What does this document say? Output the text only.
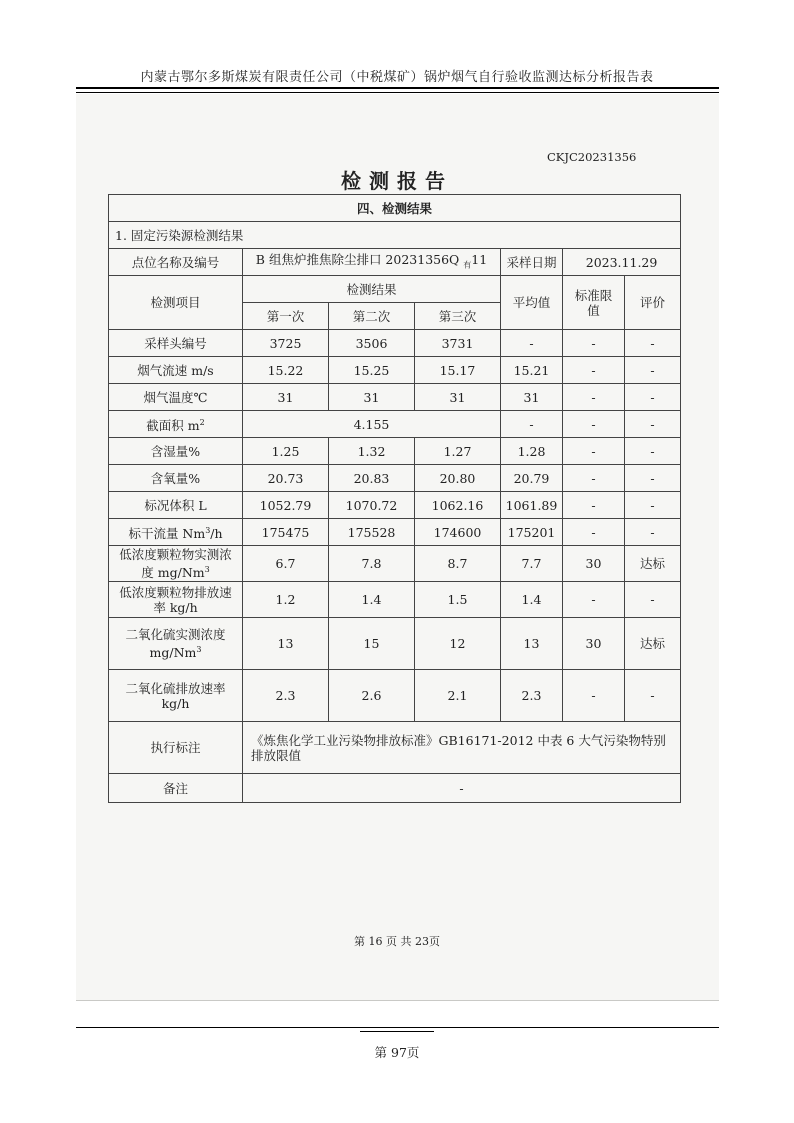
内蒙古鄂尔多斯煤炭有限责任公司（中税煤矿）锅炉烟气自行验收监测达标分析报告表
CKJC20231356
检测报告
四、检测结果						
1. 固定污染源检测结果						
点位名称及编号	B 组焦炉推焦除尘排口 20231356Q $_有$11			采样日期	2023.11.29	
检测项目	检测结果			平均值	标准限值	评价
	第一次	第二次	第三次			
采样头编号	3725	3506	3731	-	-	-
烟气流速 m/s	15.22	15.25	15.17	15.21	-	-
烟气温度℃	31	31	31	31	-	-
截面积 $m^2$	4.155			-	-	-
含湿量%	1.25	1.32	1.27	1.28	-	-
含氧量%	20.73	20.83	20.80	20.79	-	-
标况体积 L	1052.79	1070.72	1062.16	1061.89	-	-
标干流量 Nm$^3$/h	175475	175528	174600	175201	-	-
低浓度颗粒物实测浓
度 mg/Nm$^3$	6.7	7.8	8.7	7.7	30	达标
低浓度颗粒物排放速
率 kg/h	1.2	1.4	1.5	1.4	-	-
二氧化硫实测浓度
mg/Nm$^3$	13	15	12	13	30	达标
二氧化硫排放速率
kg/h	2.3	2.6	2.1	2.3	-	-
执行标注	《炼焦化学工业污染物排放标准》GB16171-2012 中表 6 大气污染物特别排放限值					
备注	-					
第 16 页 共 23页
第 97页
